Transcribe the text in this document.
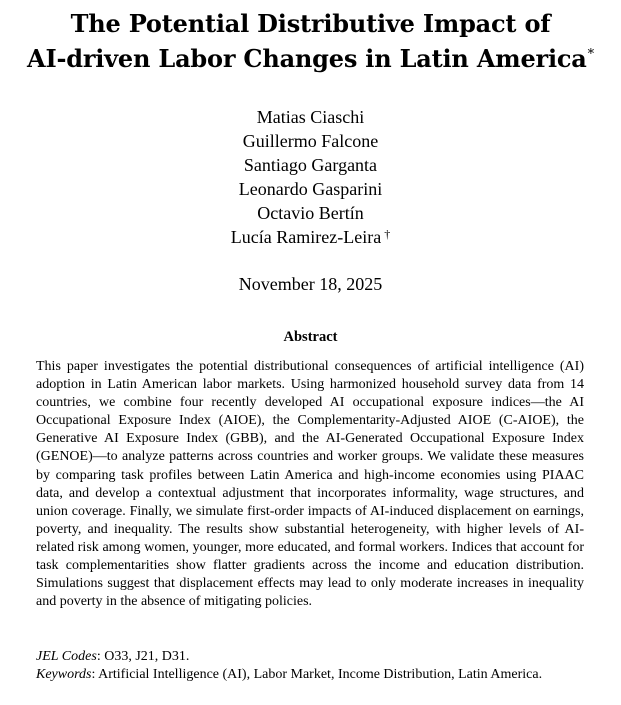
The Potential Distributive Impact of
AI-driven Labor Changes in Latin America*
Matias Ciaschi
Guillermo Falcone
Santiago Garganta
Leonardo Gasparini
Octavio Bertín
Lucía Ramirez-Leira †
November 18, 2025
Abstract
This paper investigates the potential distributional consequences of artificial intelligence (AI) adoption in Latin American labor markets. Using harmonized household survey data from 14 countries, we combine four recently developed AI occupational exposure indices—the AI Occupational Exposure Index (AIOE), the Complementarity-Adjusted AIOE (C-AIOE), the Generative AI Exposure Index (GBB), and the AI-Generated Occupational Exposure Index (GENOE)—to analyze patterns across countries and worker groups. We validate these measures by comparing task profiles between Latin America and high-income economies using PIAAC data, and develop a contextual adjustment that incorporates informality, wage structures, and union coverage. Finally, we simulate first-order impacts of AI-induced displacement on earnings, poverty, and inequality. The results show substantial heterogeneity, with higher levels of AI-related risk among women, younger, more educated, and formal workers. Indices that account for task complementarities show flatter gradients across the income and education distribution. Simulations suggest that displacement effects may lead to only moderate increases in inequality and poverty in the absence of mitigating policies.
JEL Codes: O33, J21, D31.
Keywords: Artificial Intelligence (AI), Labor Market, Income Distribution, Latin America.
